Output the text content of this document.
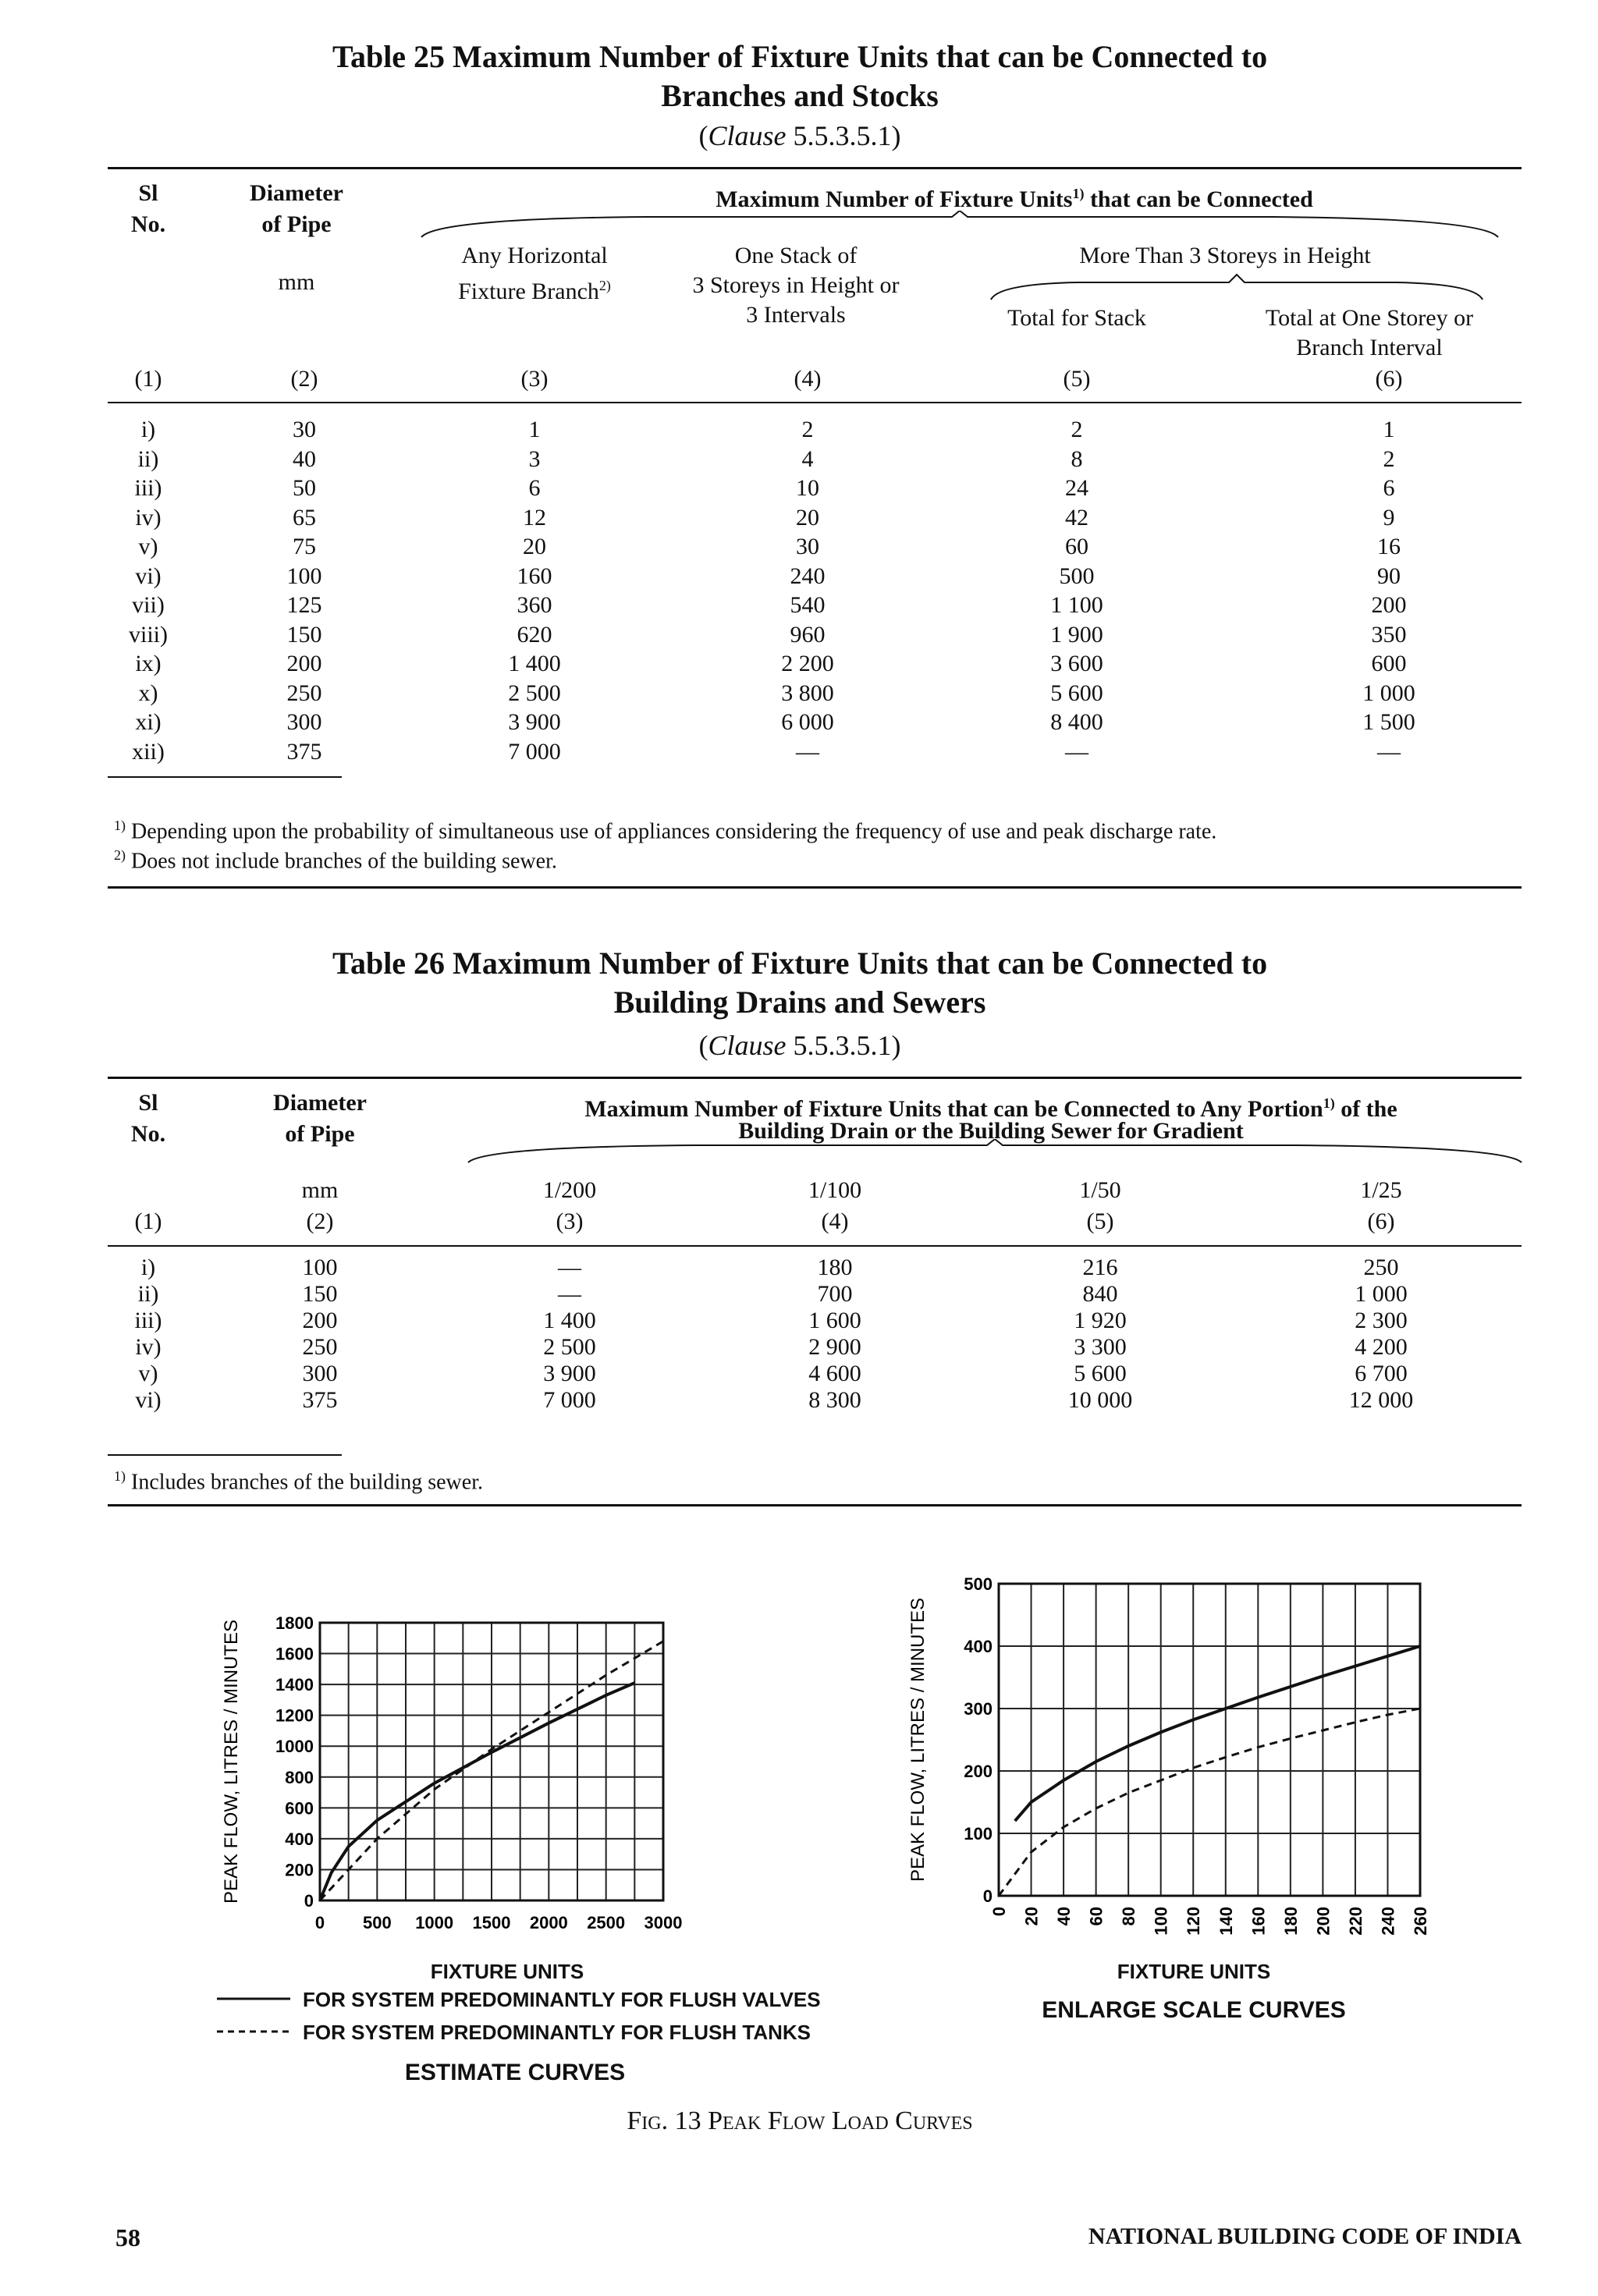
Table 25 Maximum Number of Fixture Units that can be Connected to
Branches and Stocks
(Clause 5.5.3.5.1)
Sl
No.
Diameter
of Pipe
mm
Maximum Number of Fixture Units$^{1)}$ that can be Connected
Any Horizontal
Fixture Branch$^{2)}$
One Stack of
3 Storeys in Height or
3 Intervals
More Than 3 Storeys in Height
Total for Stack	Total at One Storey or
Branch Interval
(1)	(2)	(3)	(4)	(5)	(6)
i)	30	1	2	2	1
ii)	40	3	4	8	2
iii)	50	6	10	24	6
iv)	65	12	20	42	9
v)	75	20	30	60	16
vi)	100	160	240	500	90
vii)	125	360	540	1 100	200
viii)	150	620	960	1 900	350
ix)	200	1 400	2 200	3 600	600
x)	250	2 500	3 800	5 600	1 000
xi)	300	3 900	6 000	8 400	1 500
xii)	375	7 000	—	—	—
$^{1)}$ Depending upon the probability of simultaneous use of appliances considering the frequency of use and peak discharge rate.
$^{2)}$ Does not include branches of the building sewer.
Table 26 Maximum Number of Fixture Units that can be Connected to
Building Drains and Sewers
(Clause 5.5.3.5.1)
Sl
No.
Diameter
of Pipe
Maximum Number of Fixture Units that can be Connected to Any Portion$^{1)}$ of the
Building Drain or the Building Sewer for Gradient
mm	1/200	1/100	1/50	1/25
(1)	(2)	(3)	(4)	(5)	(6)
i)	100	—	180	216	250
ii)	150	—	700	840	1 000
iii)	200	1 400	1 600	1 920	2 300
iv)	250	2 500	2 900	3 300	4 200
v)	300	3 900	4 600	5 600	6 700
vi)	375	7 000	8 300	10 000	12 000
$^{1)}$ Includes branches of the building sewer.
0
200
400
600
800
1000
1200
1400
1600
1800
0 500 1000 1500 2000 2500 3000
PEAK FLOW, LITRES / MINUTES	0
100
200
300
400
500
0 20 40 60 80 100 120 140 160 180 200 220 240 260
PEAK FLOW, LITRES / MINUTES
FIXTURE UNITS	FIXTURE UNITS
FOR SYSTEM PREDOMINANTLY FOR FLUSH VALVES
FOR SYSTEM PREDOMINANTLY FOR FLUSH TANKS
ESTIMATE CURVES
ENLARGE SCALE CURVES
Fig. 13 Peak Flow Load Curves
58	NATIONAL BUILDING CODE OF INDIA
